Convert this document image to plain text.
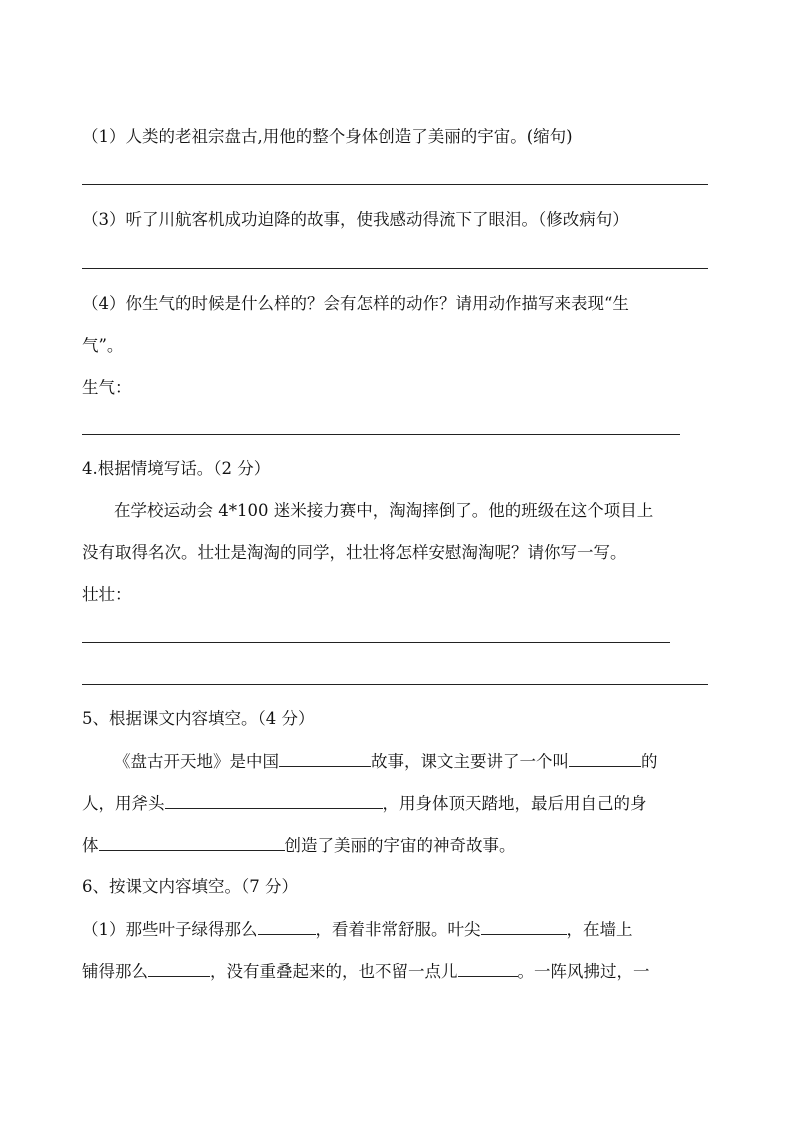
（1）人类的老祖宗盘古,用他的整个身体创造了美丽的宇宙。(缩句)
（3）听了川航客机成功迫降的故事，使我感动得流下了眼泪。（修改病句）
（4）你生气的时候是什么样的？会有怎样的动作？请用动作描写来表现“生
气”。
生气：
4.根据情境写话。（2 分）
在学校运动会 4*100 迷米接力赛中，淘淘摔倒了。他的班级在这个项目上
没有取得名次。壮壮是淘淘的同学，壮壮将怎样安慰淘淘呢？请你写一写。
壮壮：
5、根据课文内容填空。（4 分）
《盘古开天地》是中国	故事，课文主要讲了一个叫	的
人，用斧头	，用身体顶天踏地，最后用自己的身
体	创造了美丽的宇宙的神奇故事。
6、按课文内容填空。（7 分）
（1）那些叶子绿得那么	，看着非常舒服。叶尖	，在墙上
铺得那么	，没有重叠起来的，也不留一点儿	。一阵风拂过，一
